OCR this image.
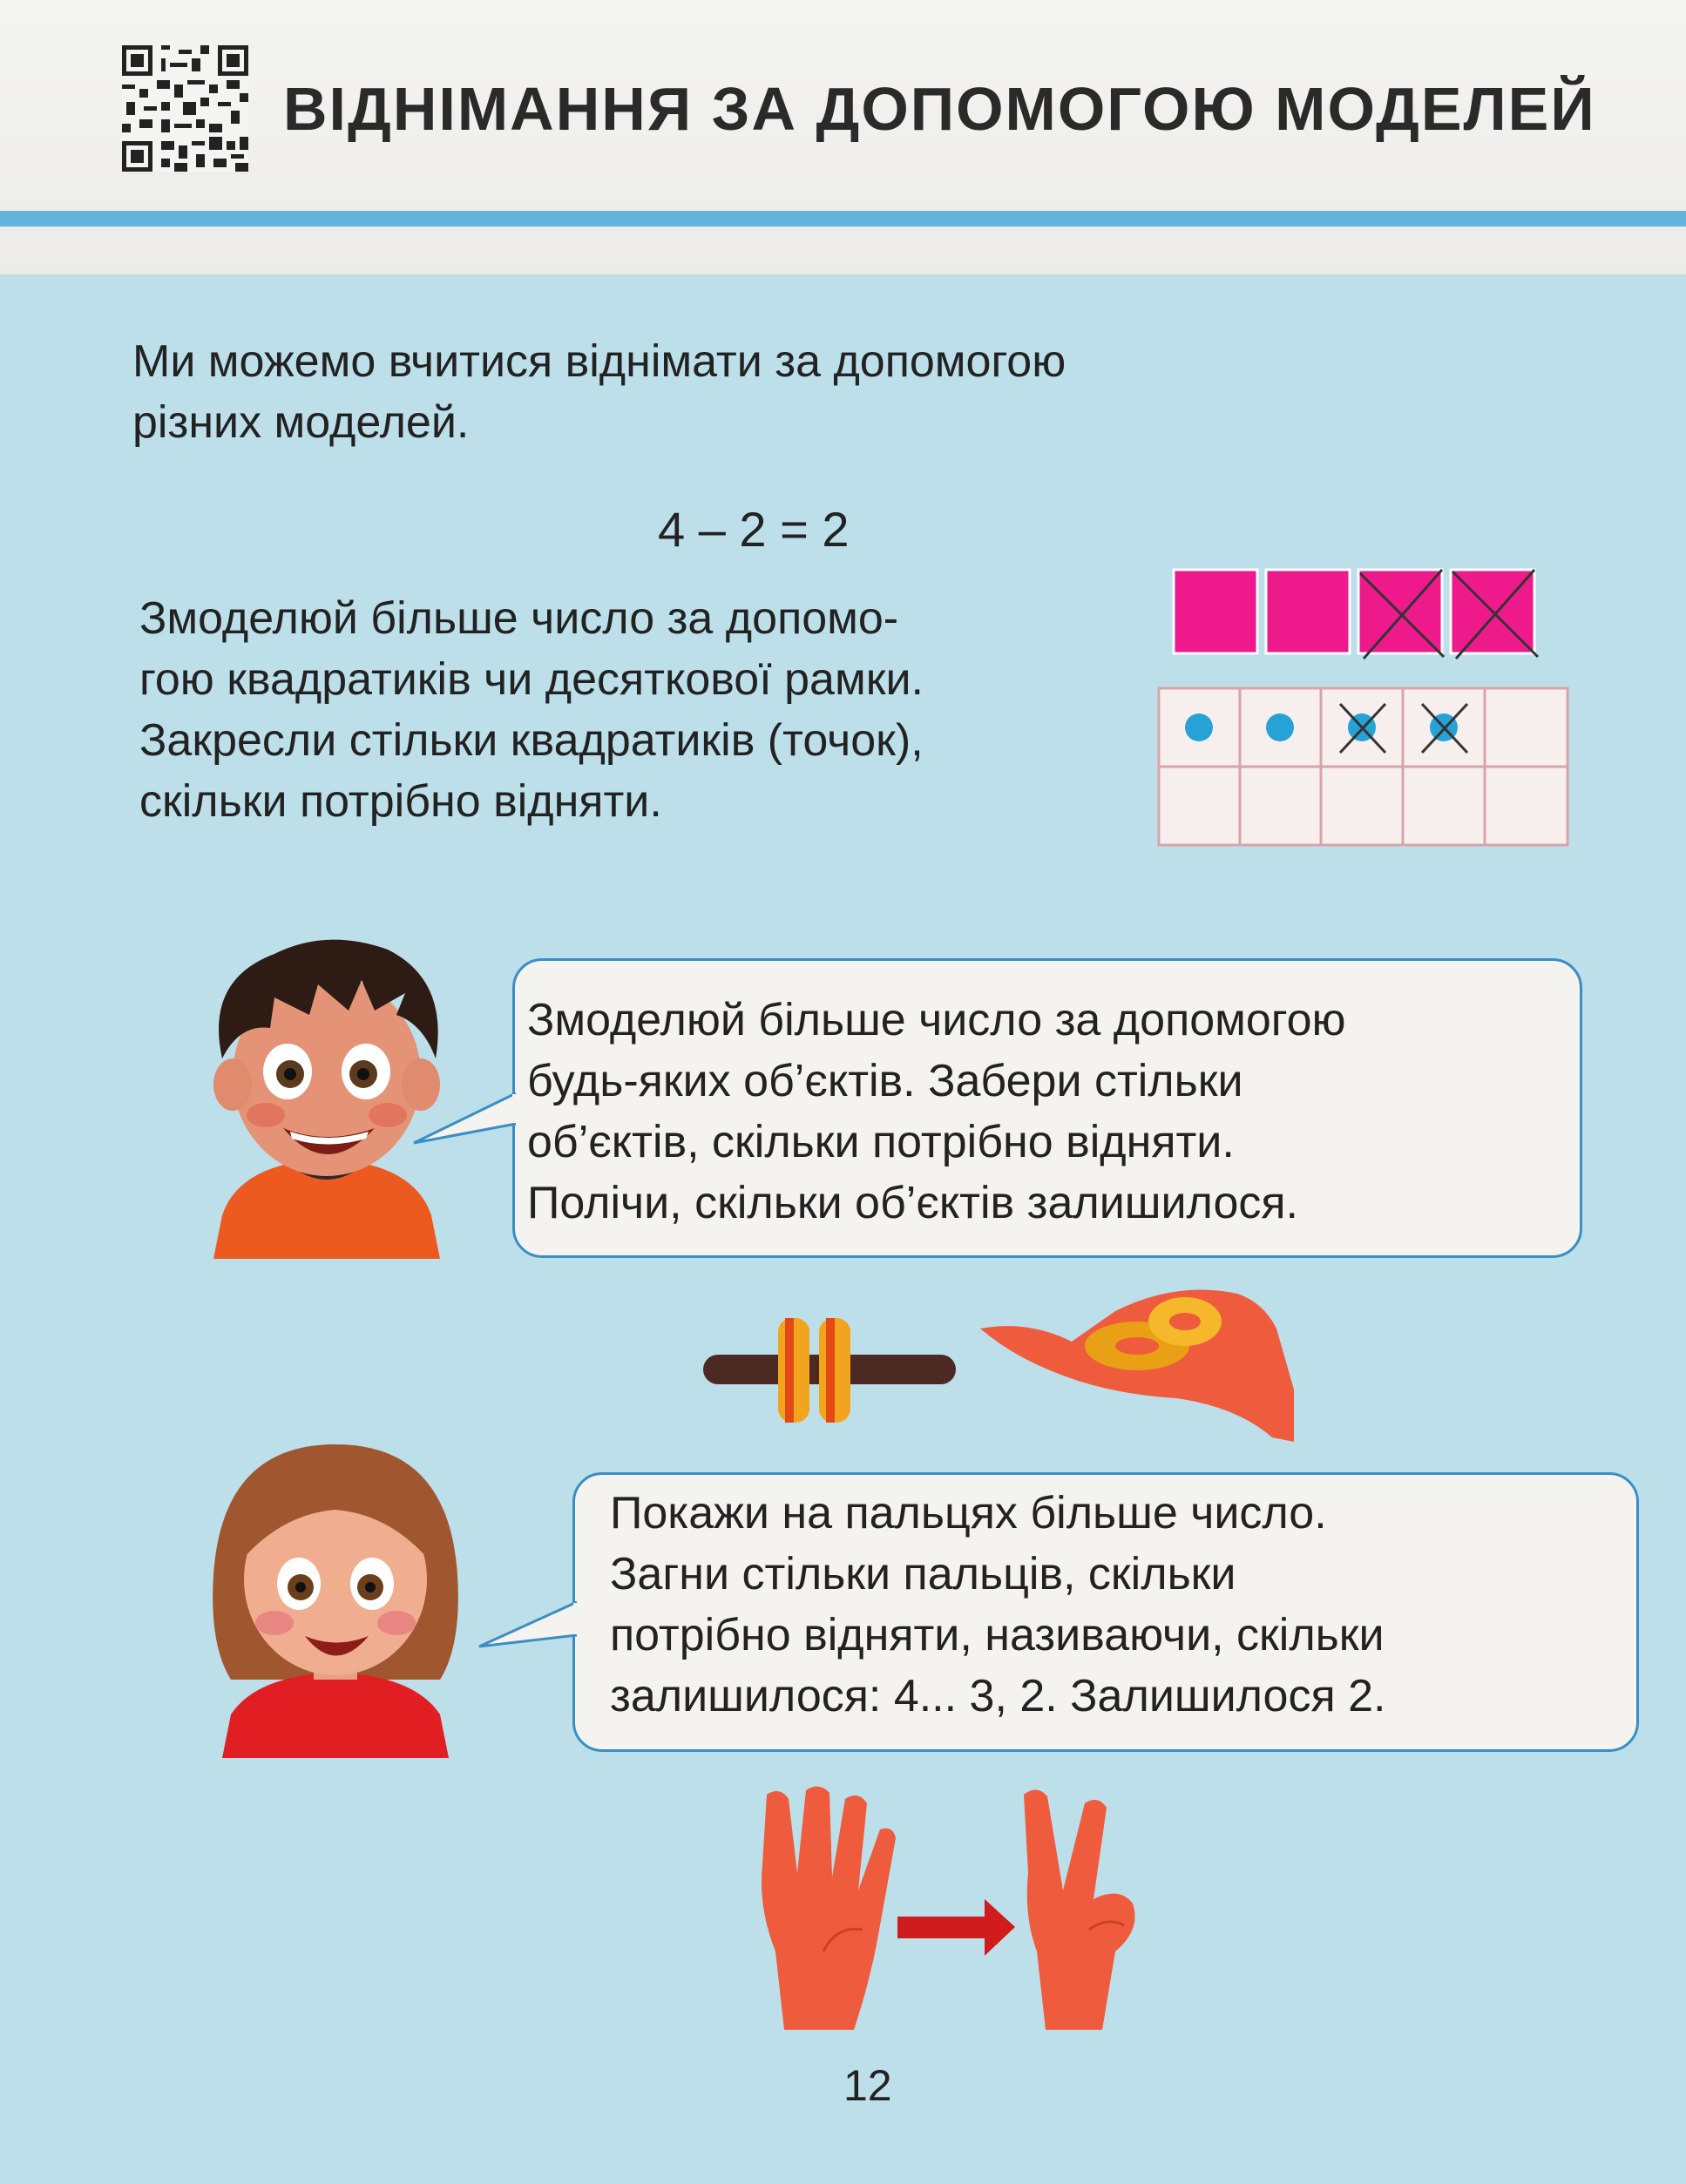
ВІДНІМАННЯ ЗА ДОПОМОГОЮ МОДЕЛЕЙ
Ми можемо вчитися віднімати за допомогою
різних моделей.
4 – 2 = 2
Змоделюй більше число за допомо-
гою квадратиків чи десяткової рамки.
Закресли стільки квадратиків (точок),
скільки потрібно відняти.
Змоделюй більше число за допомогою
будь-яких об’єктів. Забери стільки
об’єктів, скільки потрібно відняти.
Полічи, скільки об’єктів залишилося.
Покажи на пальцях більше число.
Загни стільки пальців, скільки
потрібно відняти, називаючи, скільки
залишилося: 4... 3, 2. Залишилося 2.
12
